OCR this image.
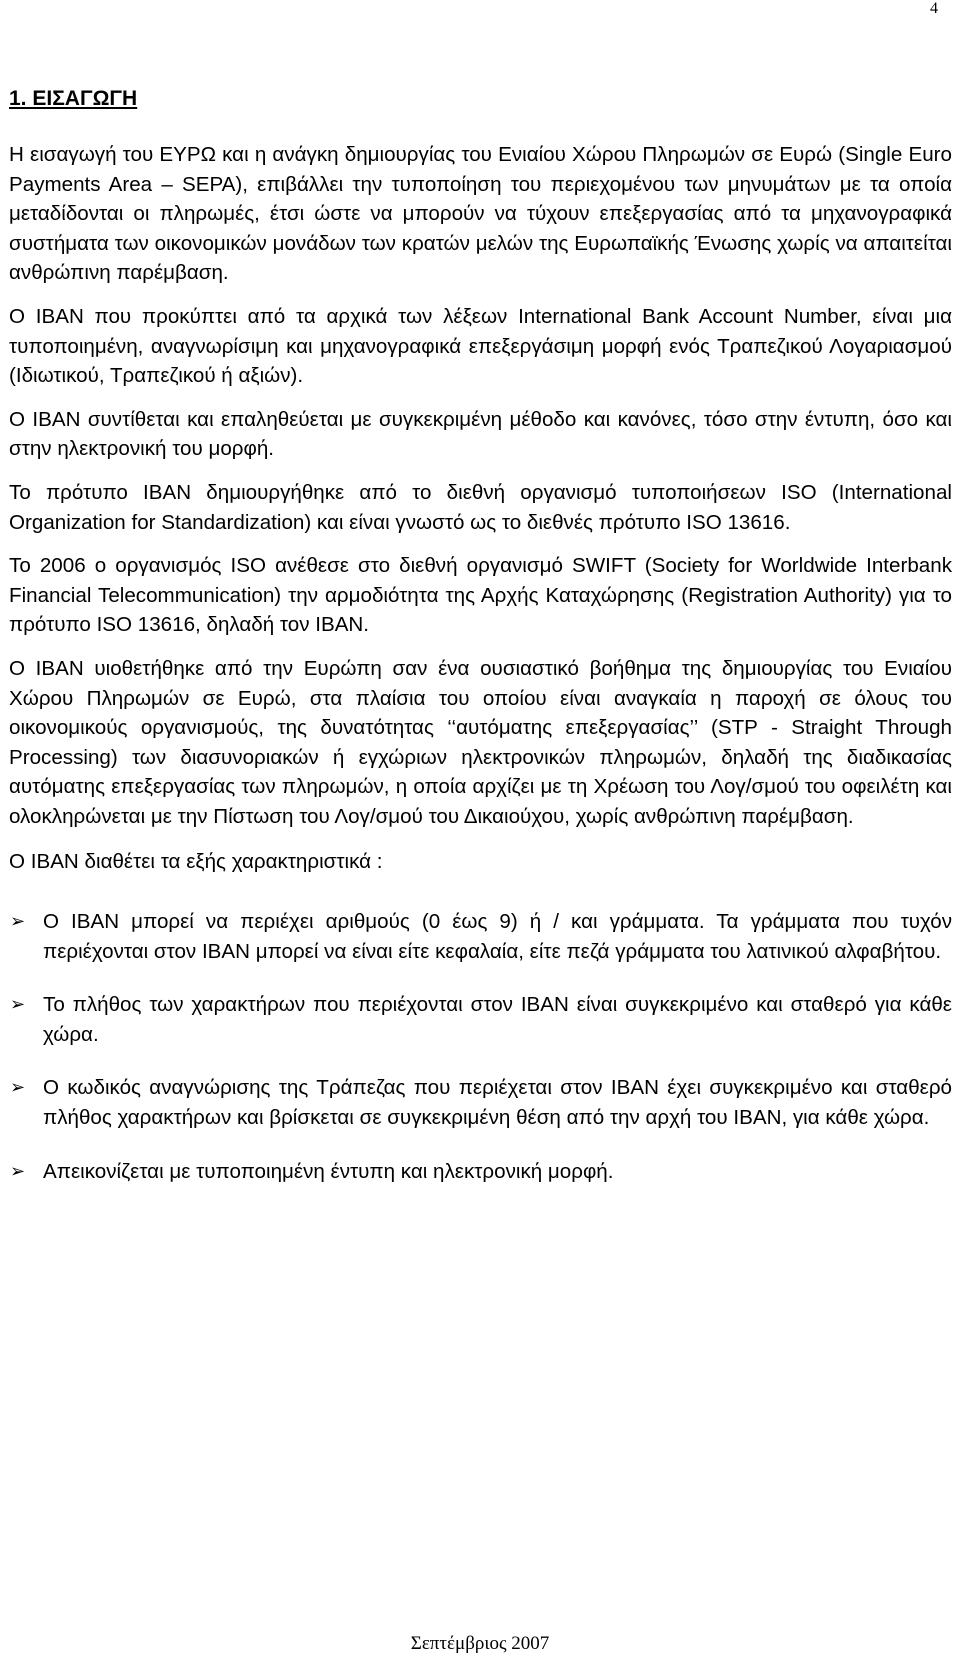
4
1. ΕΙΣΑΓΩΓΗ

Η εισαγωγή του ΕΥΡΩ και η ανάγκη δημιουργίας του Ενιαίου Χώρου Πληρωμών σε Ευρώ (Single Euro Payments Area – SEPA), επιβάλλει την τυποποίηση του περιεχομένου των μηνυμάτων με τα οποία μεταδίδονται οι πληρωμές, έτσι ώστε να μπορούν να τύχουν επεξεργασίας από τα μηχανογραφικά συστήματα των οικονομικών μονάδων των κρατών μελών της Ευρωπαϊκής Ένωσης χωρίς να απαιτείται ανθρώπινη παρέμβαση.

Ο ΙΒΑΝ που προκύπτει από τα αρχικά των λέξεων International Bank Account Number, είναι μια τυποποιημένη, αναγνωρίσιμη και μηχανογραφικά επεξεργάσιμη μορφή ενός Τραπεζικού Λογαριασμού (Ιδιωτικού, Τραπεζικού ή αξιών).

Ο ΙΒΑΝ συντίθεται και επαληθεύεται με συγκεκριμένη μέθοδο και κανόνες, τόσο στην έντυπη, όσο και στην ηλεκτρονική του μορφή.

Το πρότυπο ΙΒΑΝ δημιουργήθηκε από το διεθνή οργανισμό τυποποιήσεων ISO (International Organization for Standardization) και είναι γνωστό ως το διεθνές πρότυπο ISO 13616.

Το 2006 ο οργανισμός ISO ανέθεσε στο διεθνή οργανισμό SWIFT (Society for Worldwide Interbank Financial Telecommunication) την αρμοδιότητα της Αρχής Καταχώρησης (Registration Authority) για το πρότυπο ISO 13616, δηλαδή τον IBAN.

Ο IBAN υιοθετήθηκε από την Ευρώπη σαν ένα ουσιαστικό βοήθημα της δημιουργίας του Ενιαίου Χώρου Πληρωμών σε Ευρώ, στα πλαίσια του οποίου είναι αναγκαία η παροχή σε όλους του οικονομικούς οργανισμούς, της δυνατότητας ‘‘αυτόματης επεξεργασίας’’ (STP - Straight Through Processing) των διασυνοριακών ή εγχώριων ηλεκτρονικών πληρωμών, δηλαδή της διαδικασίας αυτόματης επεξεργασίας των πληρωμών, η οποία αρχίζει με τη Χρέωση του Λογ/σμού του οφειλέτη και ολοκληρώνεται με την Πίστωση του Λογ/σμού του Δικαιούχου, χωρίς ανθρώπινη παρέμβαση.

Ο IBAN διαθέτει τα εξής χαρακτηριστικά :

➢ Ο IBAN μπορεί να περιέχει αριθμούς (0 έως 9) ή / και γράμματα. Τα γράμματα που τυχόν περιέχονται στον IBAN μπορεί να είναι είτε κεφαλαία, είτε πεζά γράμματα του λατινικού αλφαβήτου.
➢ Το πλήθος των χαρακτήρων που περιέχονται στον IBAN είναι συγκεκριμένο και σταθερό για κάθε χώρα.
➢ Ο κωδικός αναγνώρισης της Τράπεζας που περιέχεται στον IBAN έχει συγκεκριμένο και σταθερό πλήθος χαρακτήρων και βρίσκεται σε συγκεκριμένη θέση από την αρχή του IBAN, για κάθε χώρα.
➢ Απεικονίζεται με τυποποιημένη έντυπη και ηλεκτρονική μορφή.
Σεπτέμβριος 2007
